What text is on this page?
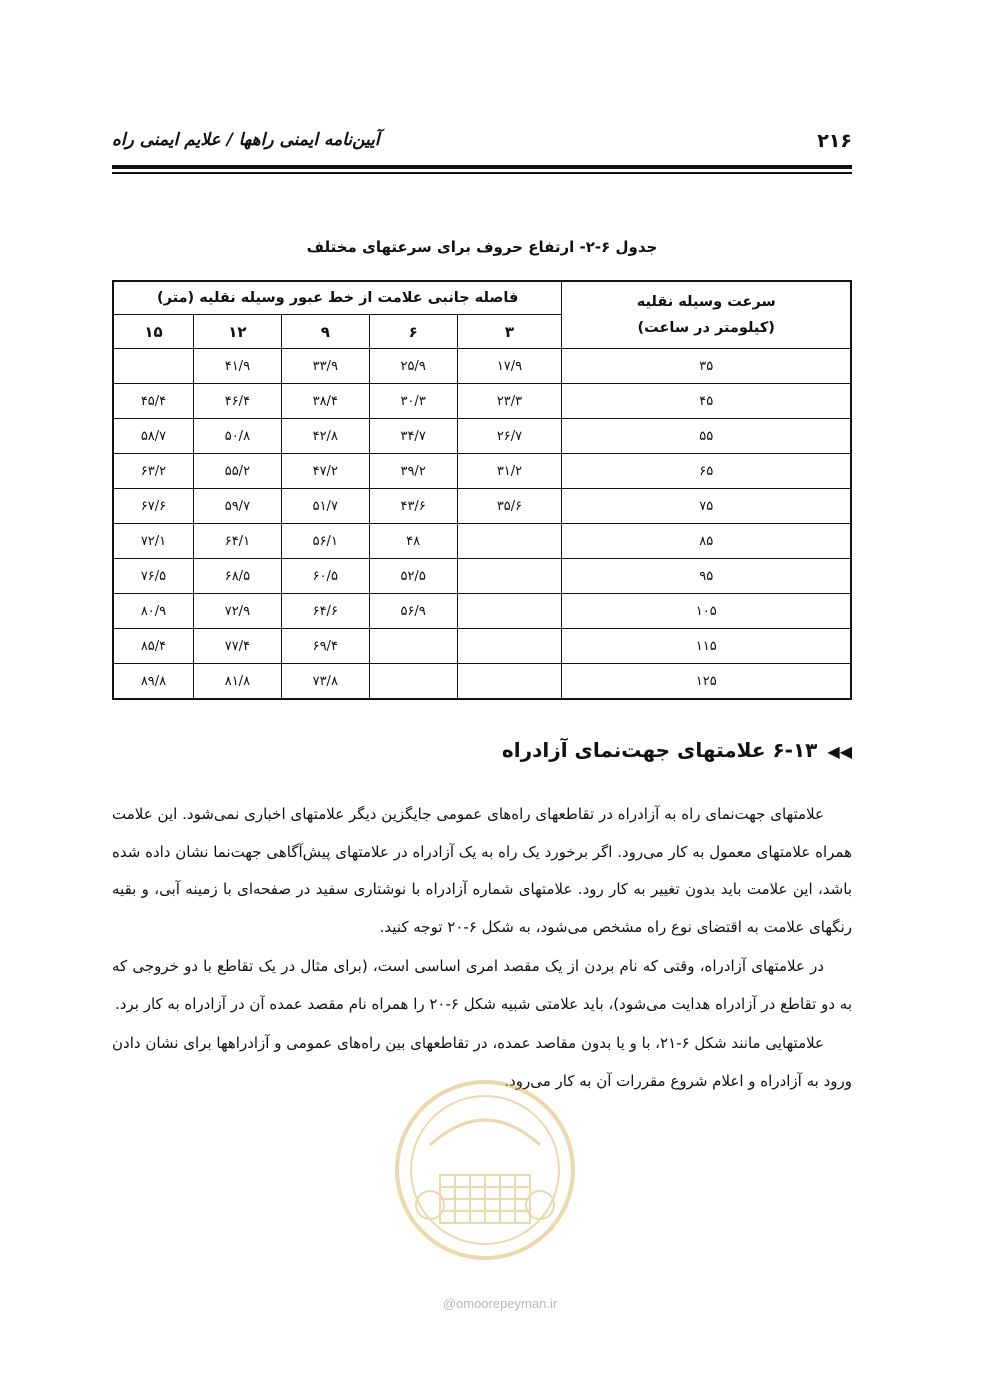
۲۱۶
آیین‌نامه ایمنی راهها / علایم ایمنی راه
جدول ۶-۲- ارتفاع حروف برای سرعتهای مختلف
سرعت وسیله نقلیه
(کیلومتر در ساعت)	فاصله جانبی علامت از خط عبور وسیله نقلیه (متر)				
	۳	۶	۹	۱۲	۱۵
۳۵	۱۷/۹	۲۵/۹	۳۳/۹	۴۱/۹	
۴۵	۲۳/۳	۳۰/۳	۳۸/۴	۴۶/۴	۴۵/۴
۵۵	۲۶/۷	۳۴/۷	۴۲/۸	۵۰/۸	۵۸/۷
۶۵	۳۱/۲	۳۹/۲	۴۷/۲	۵۵/۲	۶۳/۲
۷۵	۳۵/۶	۴۳/۶	۵۱/۷	۵۹/۷	۶۷/۶
۸۵		۴۸	۵۶/۱	۶۴/۱	۷۲/۱
۹۵		۵۲/۵	۶۰/۵	۶۸/۵	۷۶/۵
۱۰۵		۵۶/۹	۶۴/۶	۷۲/۹	۸۰/۹
۱۱۵			۶۹/۴	۷۷/۴	۸۵/۴
۱۲۵			۷۳/۸	۸۱/۸	۸۹/۸
◀◀۶-۱۳ علامتهای جهت‌نمای آزادراه

علامتهای جهت‌نمای راه به آزادراه در تقاطعهای راه‌های عمومی جایگزین دیگر علامتهای اخباری نمی‌شود. این علامت همراه علامتهای معمول به کار می‌رود. اگر برخورد یک راه به یک آزادراه در علامتهای پیش‌آگاهی جهت‌نما نشان داده شده باشد، این علامت باید بدون تغییر به کار رود. علامتهای شماره آزادراه با نوشتاری سفید در صفحه‌ای با زمینه آبی، و بقیه رنگهای علامت به اقتضای نوع راه مشخص می‌شود، به شکل ۶-۲۰ توجه کنید.

در علامتهای آزادراه، وقتی که نام بردن از یک مقصد امری اساسی است، (برای مثال در یک تقاطع با دو خروجی که به دو تقاطع در آزادراه هدایت می‌شود)، باید علامتی شبیه شکل ۶-۲۰ را همراه نام مقصد عمده آن در آزادراه به کار برد.

علامتهایی مانند شکل ۶-۲۱، با و یا بدون مقاصد عمده، در تقاطعهای بین راه‌های عمومی و آزادراهها برای نشان دادن ورود به آزادراه و اعلام شروع مقررات آن به کار می‌رود.

@omoorepeyman.ir
